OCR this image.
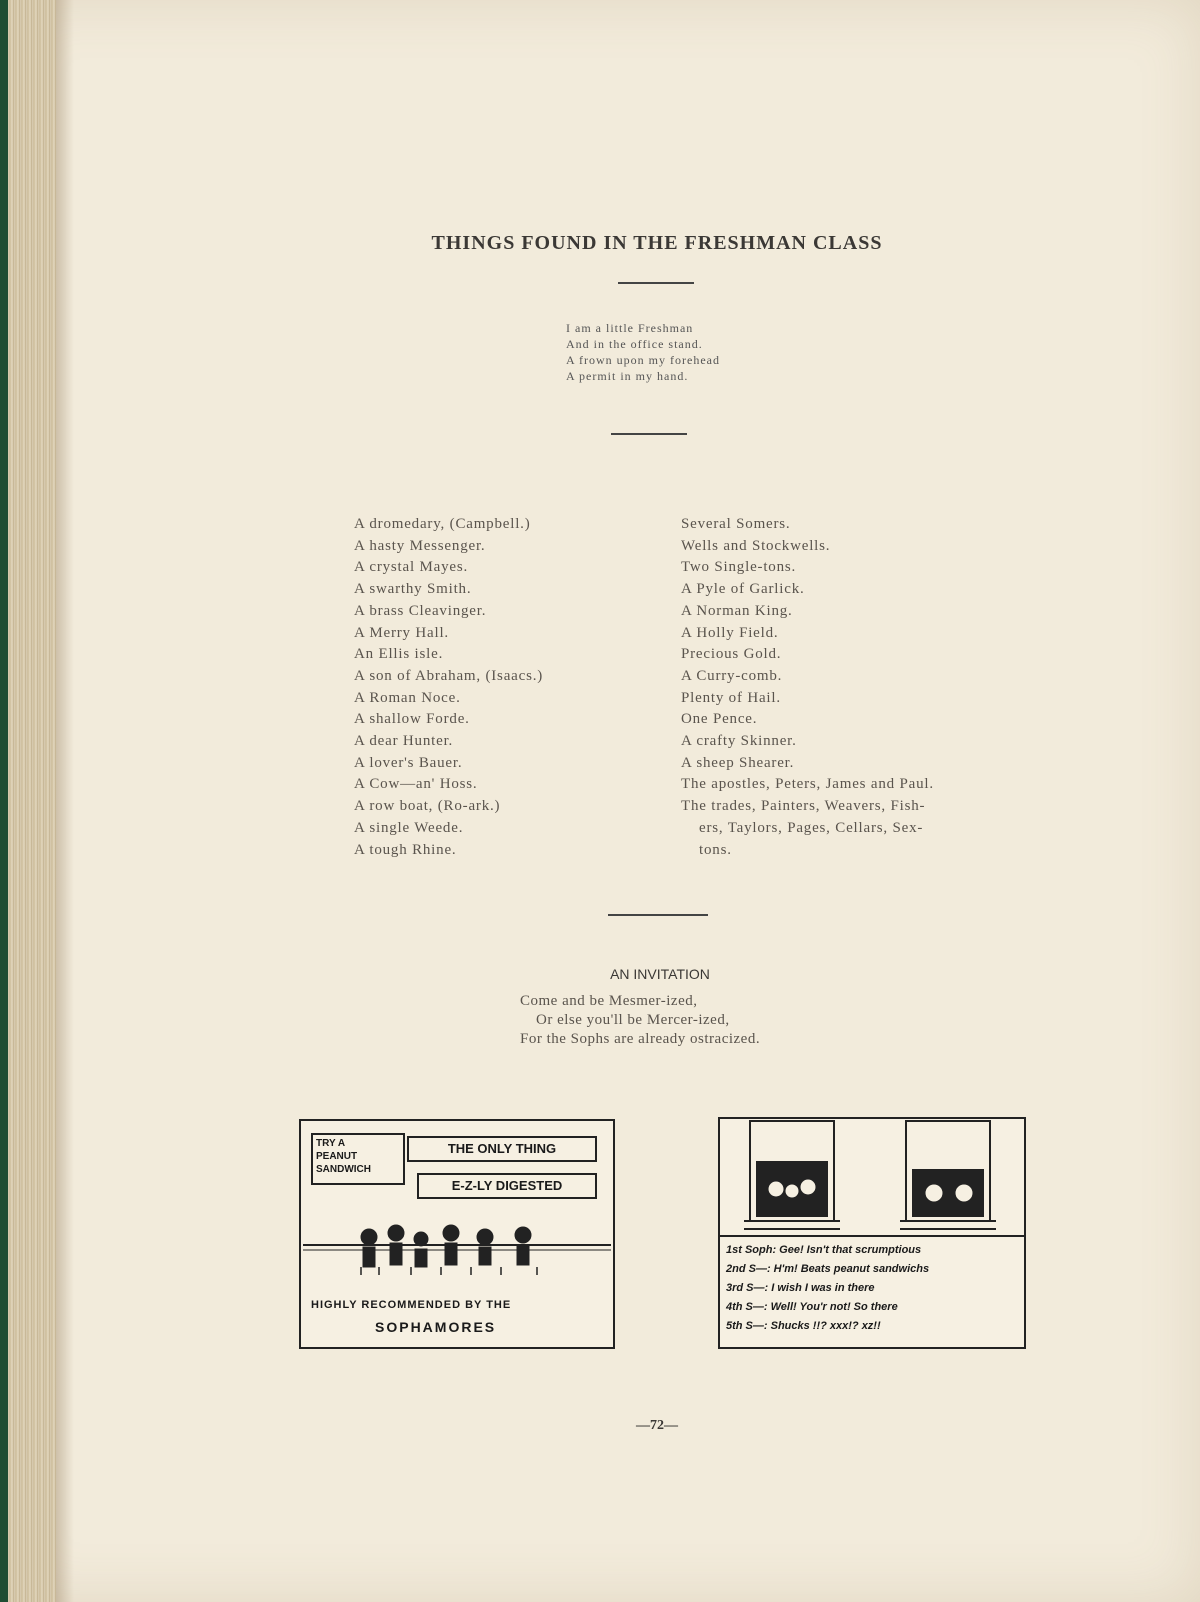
THINGS FOUND IN THE FRESHMAN CLASS
I am a little Freshman
And in the office stand.
A frown upon my forehead
A permit in my hand.
A dromedary, (Campbell.)
A hasty Messenger.
A crystal Mayes.
A swarthy Smith.
A brass Cleavinger.
A Merry Hall.
An Ellis isle.
A son of Abraham, (Isaacs.)
A Roman Noce.
A shallow Forde.
A dear Hunter.
A lover's Bauer.
A Cow—an' Hoss.
A row boat, (Ro-ark.)
A single Weede.
A tough Rhine.
Several Somers.
Wells and Stockwells.
Two Single-tons.
A Pyle of Garlick.
A Norman King.
A Holly Field.
Precious Gold.
A Curry-comb.
Plenty of Hail.
One Pence.
A crafty Skinner.
A sheep Shearer.
The apostles, Peters, James and Paul.
The trades, Painters, Weavers, Fish-
ers, Taylors, Pages, Cellars, Sex-
tons.
AN INVITATION
Come and be Mesmer-ized,
Or else you'll be Mercer-ized,
For the Sophs are already ostracized.
TRY A
PEANUT
SANDWICH
THE ONLY THING
E-Z-LY DIGESTED
HIGHLY RECOMMENDED BY THE
SOPHAMORES
1st Soph: Gee! Isn't that scrumptious
2nd S—: H'm! Beats peanut sandwichs
3rd S—: I wish I was in there
4th S—: Well! You'r not! So there
5th S—: Shucks !!? xxx!? xz!!
—72—
